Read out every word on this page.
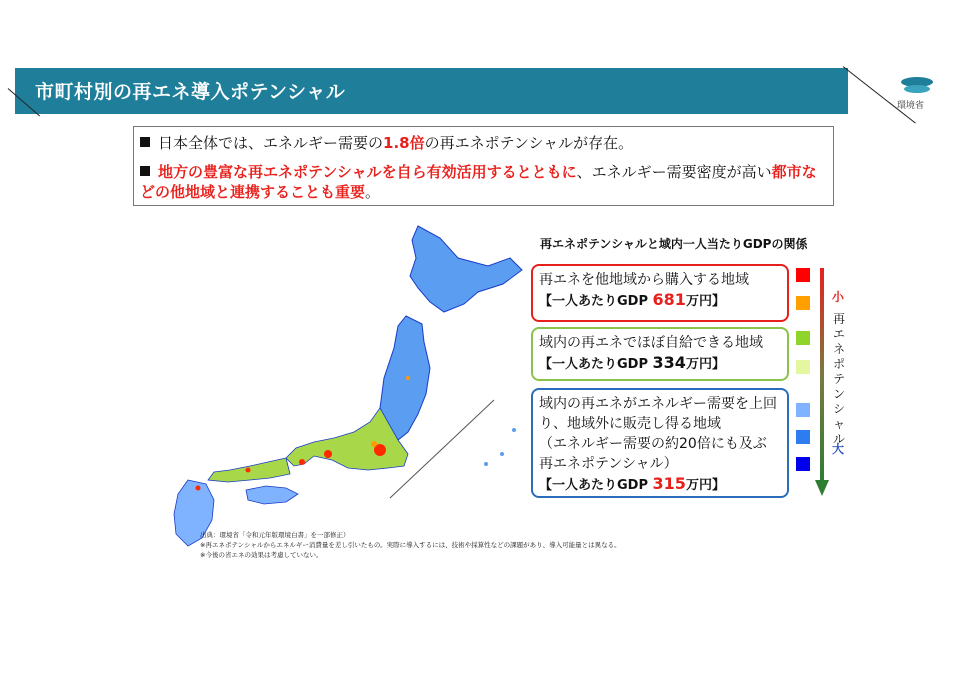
市町村別の再エネ導入ポテンシャル
環境省
日本全体では、エネルギー需要の1.8倍の再エネポテンシャルが存在。
地方の豊富な再エネポテンシャルを自ら有効活用するとともに、エネルギー需要密度が高い都市などの他地域と連携することも重要。
出典：環境省「令和元年版環境白書」を一部修正）
※再エネポテンシャルからエネルギー消費量を差し引いたもの。実際に導入するには、技術や採算性などの課題があり、導入可能量とは異なる。
※今後の省エネの効果は考慮していない。
再エネポテンシャルと域内一人当たりGDPの関係
再エネを他地域から購入する地域
【一人あたりGDP 681万円】
域内の再エネでほぼ自給できる地域
【一人あたりGDP 334万円】
域内の再エネがエネルギー需要を上回
り、地域外に販売し得る地域
（エネルギー需要の約20倍にも及ぶ
再エネポテンシャル）
【一人あたりGDP 315万円】
小
再エネポテンシャル
大
